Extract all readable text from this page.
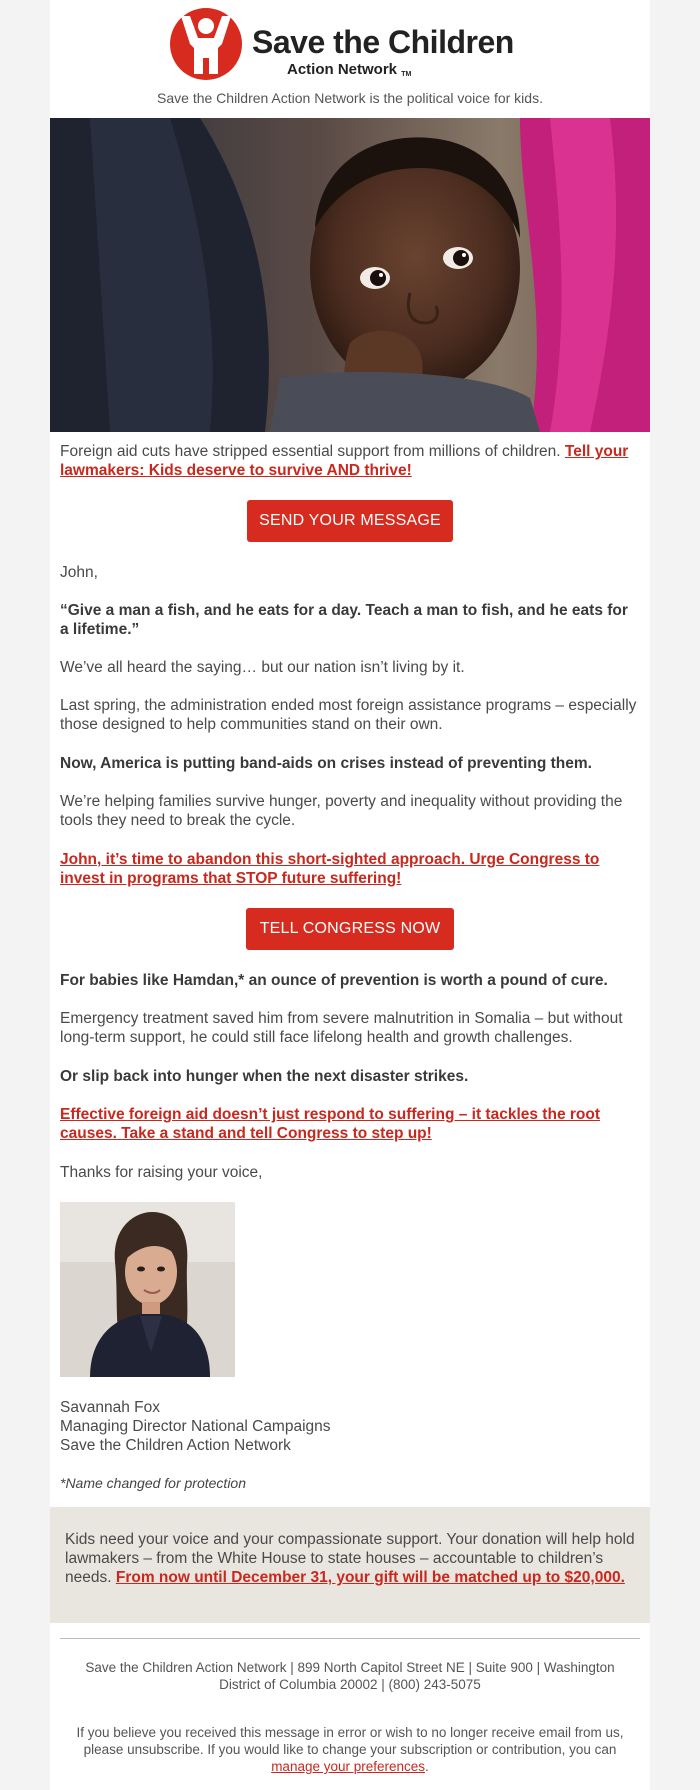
Save the Children
Action Network ™
Save the Children Action Network is the political voice for kids.

Foreign aid cuts have stripped essential support from millions of children. Tell your lawmakers: Kids deserve to survive AND thrive!

SEND YOUR MESSAGE
John,
“Give a man a fish, and he eats for a day. Teach a man to fish, and he eats for a lifetime.”
We’ve all heard the saying… but our nation isn’t living by it.
Last spring, the administration ended most foreign assistance programs – especially those designed to help communities stand on their own.
Now, America is putting band-aids on crises instead of preventing them.
We’re helping families survive hunger, poverty and inequality without providing the tools they need to break the cycle.
John, it’s time to abandon this short-sighted approach. Urge Congress to invest in programs that STOP future suffering!
TELL CONGRESS NOW
For babies like Hamdan,* an ounce of prevention is worth a pound of cure.
Emergency treatment saved him from severe malnutrition in Somalia – but without long-term support, he could still face lifelong health and growth challenges.
Or slip back into hunger when the next disaster strikes.
Effective foreign aid doesn’t just respond to suffering – it tackles the root causes. Take a stand and tell Congress to step up!
Thanks for raising your voice,

Savannah Fox

Managing Director National Campaigns

Save the Children Action Network

*Name changed for protection
Kids need your voice and your compassionate support. Your donation will help hold lawmakers – from the White House to state houses – accountable to children’s needs. From now until December 31, your gift will be matched up to $20,000.
Save the Children Action Network | 899 North Capitol Street NE | Suite 900 | Washington District of Columbia 20002 | (800) 243-5075
If you believe you received this message in error or wish to no longer receive email from us, please unsubscribe. If you would like to change your subscription or contribution, you can manage your preferences.
